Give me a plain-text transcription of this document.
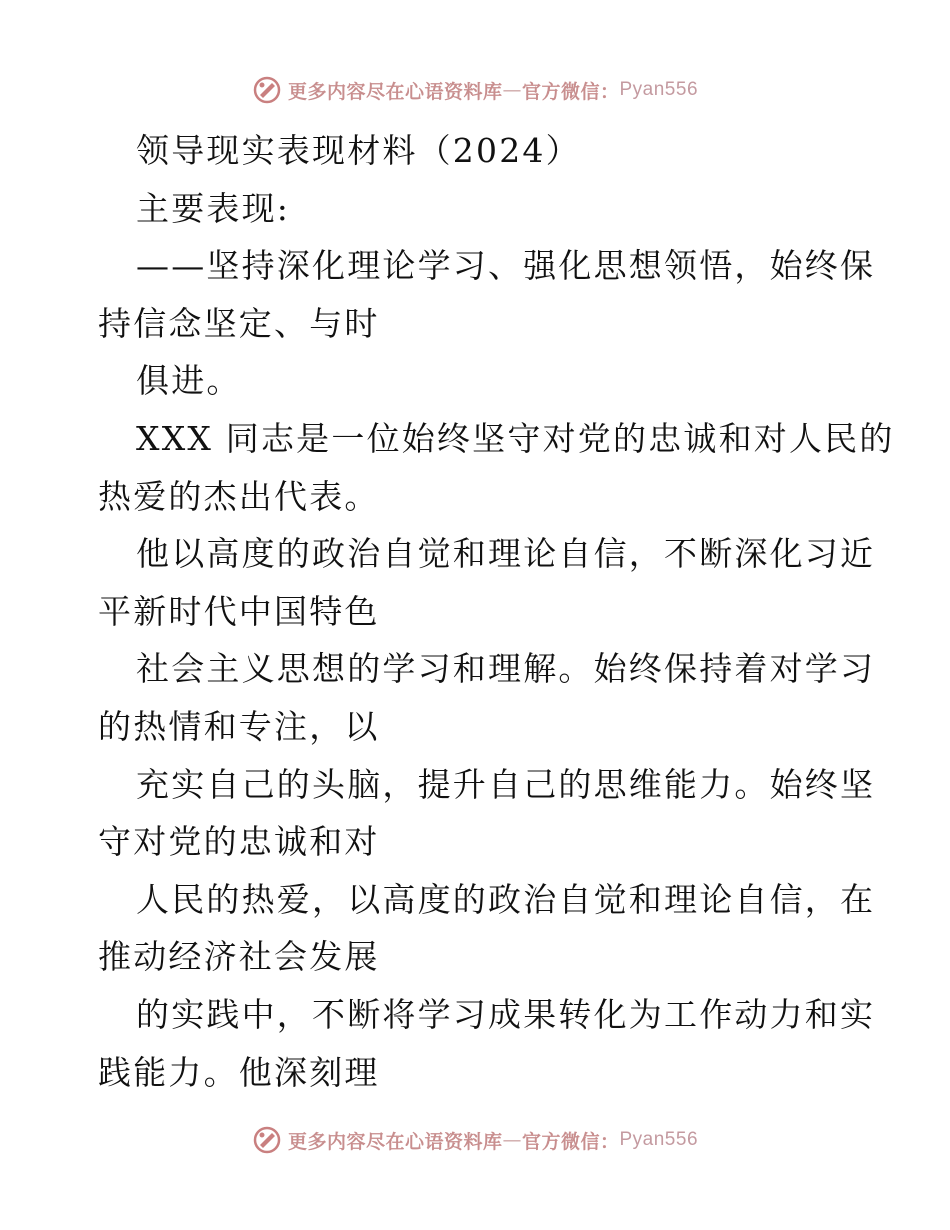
更多内容尽在心语资料库 — 官方微信： Pyan556
领导现实表现材料（2024）
主要表现:
——坚持深化理论学习、强化思想领悟，始终保
持信念坚定、与时
俱进。
XXX 同志是一位始终坚守对党的忠诚和对人民的
热爱的杰出代表。
他以高度的政治自觉和理论自信，不断深化习近
平新时代中国特色
社会主义思想的学习和理解。始终保持着对学习
的热情和专注，以
充实自己的头脑，提升自己的思维能力。始终坚
守对党的忠诚和对
人民的热爱，以高度的政治自觉和理论自信，在
推动经济社会发展
的实践中，不断将学习成果转化为工作动力和实
践能力。他深刻理
更多内容尽在心语资料库 — 官方微信： Pyan556
